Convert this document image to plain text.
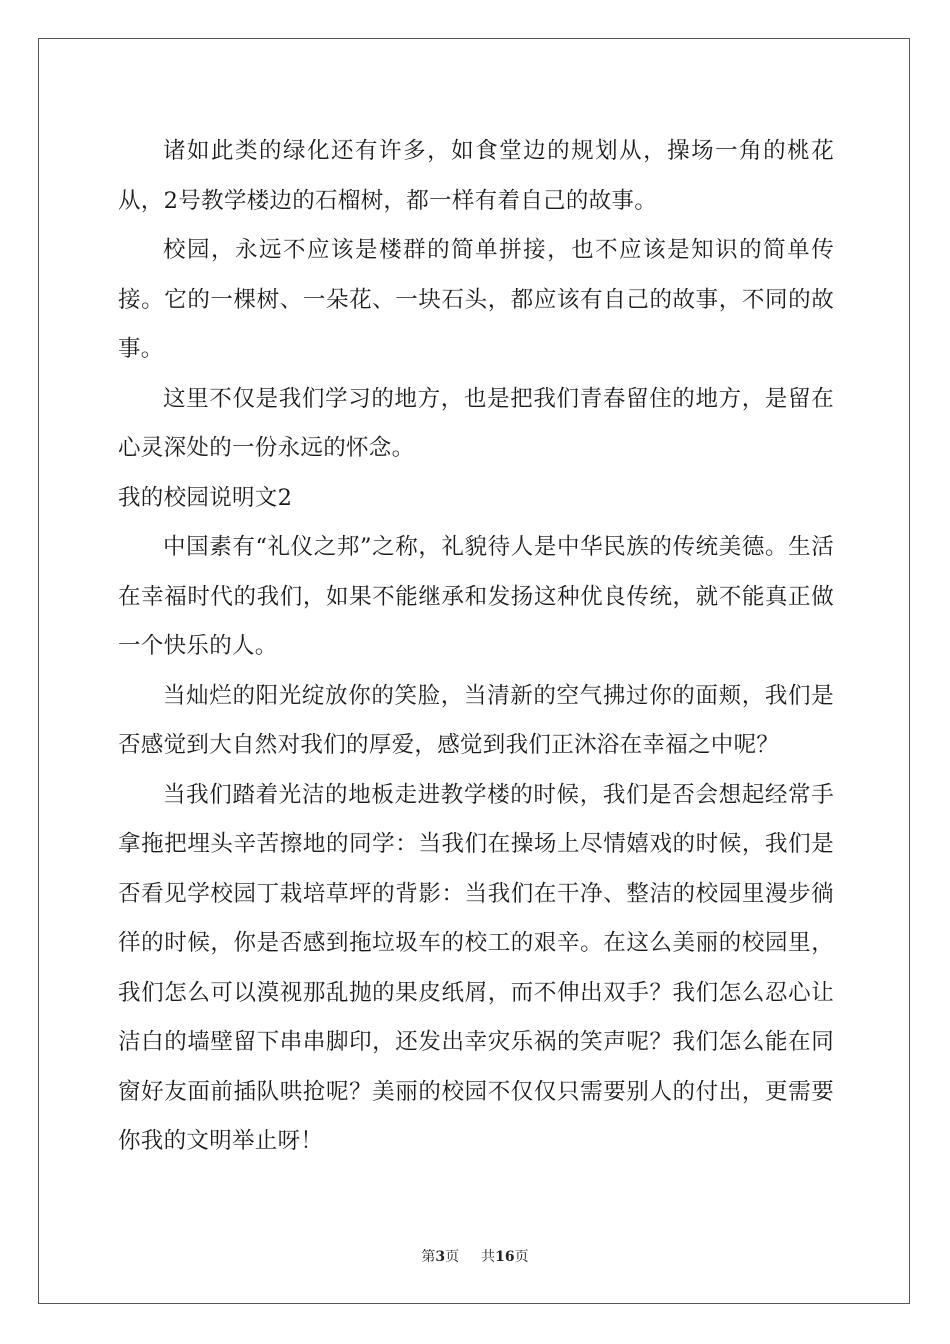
诸如此类的绿化还有许多，如食堂边的规划从，操场一角的桃花从，2号教学楼边的石榴树，都一样有着自己的故事。

校园，永远不应该是楼群的简单拼接，也不应该是知识的简单传接。它的一棵树、一朵花、一块石头，都应该有自己的故事，不同的故事。

这里不仅是我们学习的地方，也是把我们青春留住的地方，是留在心灵深处的一份永远的怀念。

我的校园说明文2

中国素有“礼仪之邦”之称，礼貌待人是中华民族的传统美德。生活在幸福时代的我们，如果不能继承和发扬这种优良传统，就不能真正做一个快乐的人。

当灿烂的阳光绽放你的笑脸，当清新的空气拂过你的面颊，我们是否感觉到大自然对我们的厚爱，感觉到我们正沐浴在幸福之中呢？

当我们踏着光洁的地板走进教学楼的时候，我们是否会想起经常手拿拖把埋头辛苦擦地的同学：当我们在操场上尽情嬉戏的时候，我们是否看见学校园丁栽培草坪的背影：当我们在干净、整洁的校园里漫步徜徉的时候，你是否感到拖垃圾车的校工的艰辛。在这么美丽的校园里，我们怎么可以漠视那乱抛的果皮纸屑，而不伸出双手？我们怎么忍心让洁白的墙壁留下串串脚印，还发出幸灾乐祸的笑声呢？我们怎么能在同窗好友面前插队哄抢呢？美丽的校园不仅仅只需要别人的付出，更需要你我的文明举止呀！

第3页 共16页
